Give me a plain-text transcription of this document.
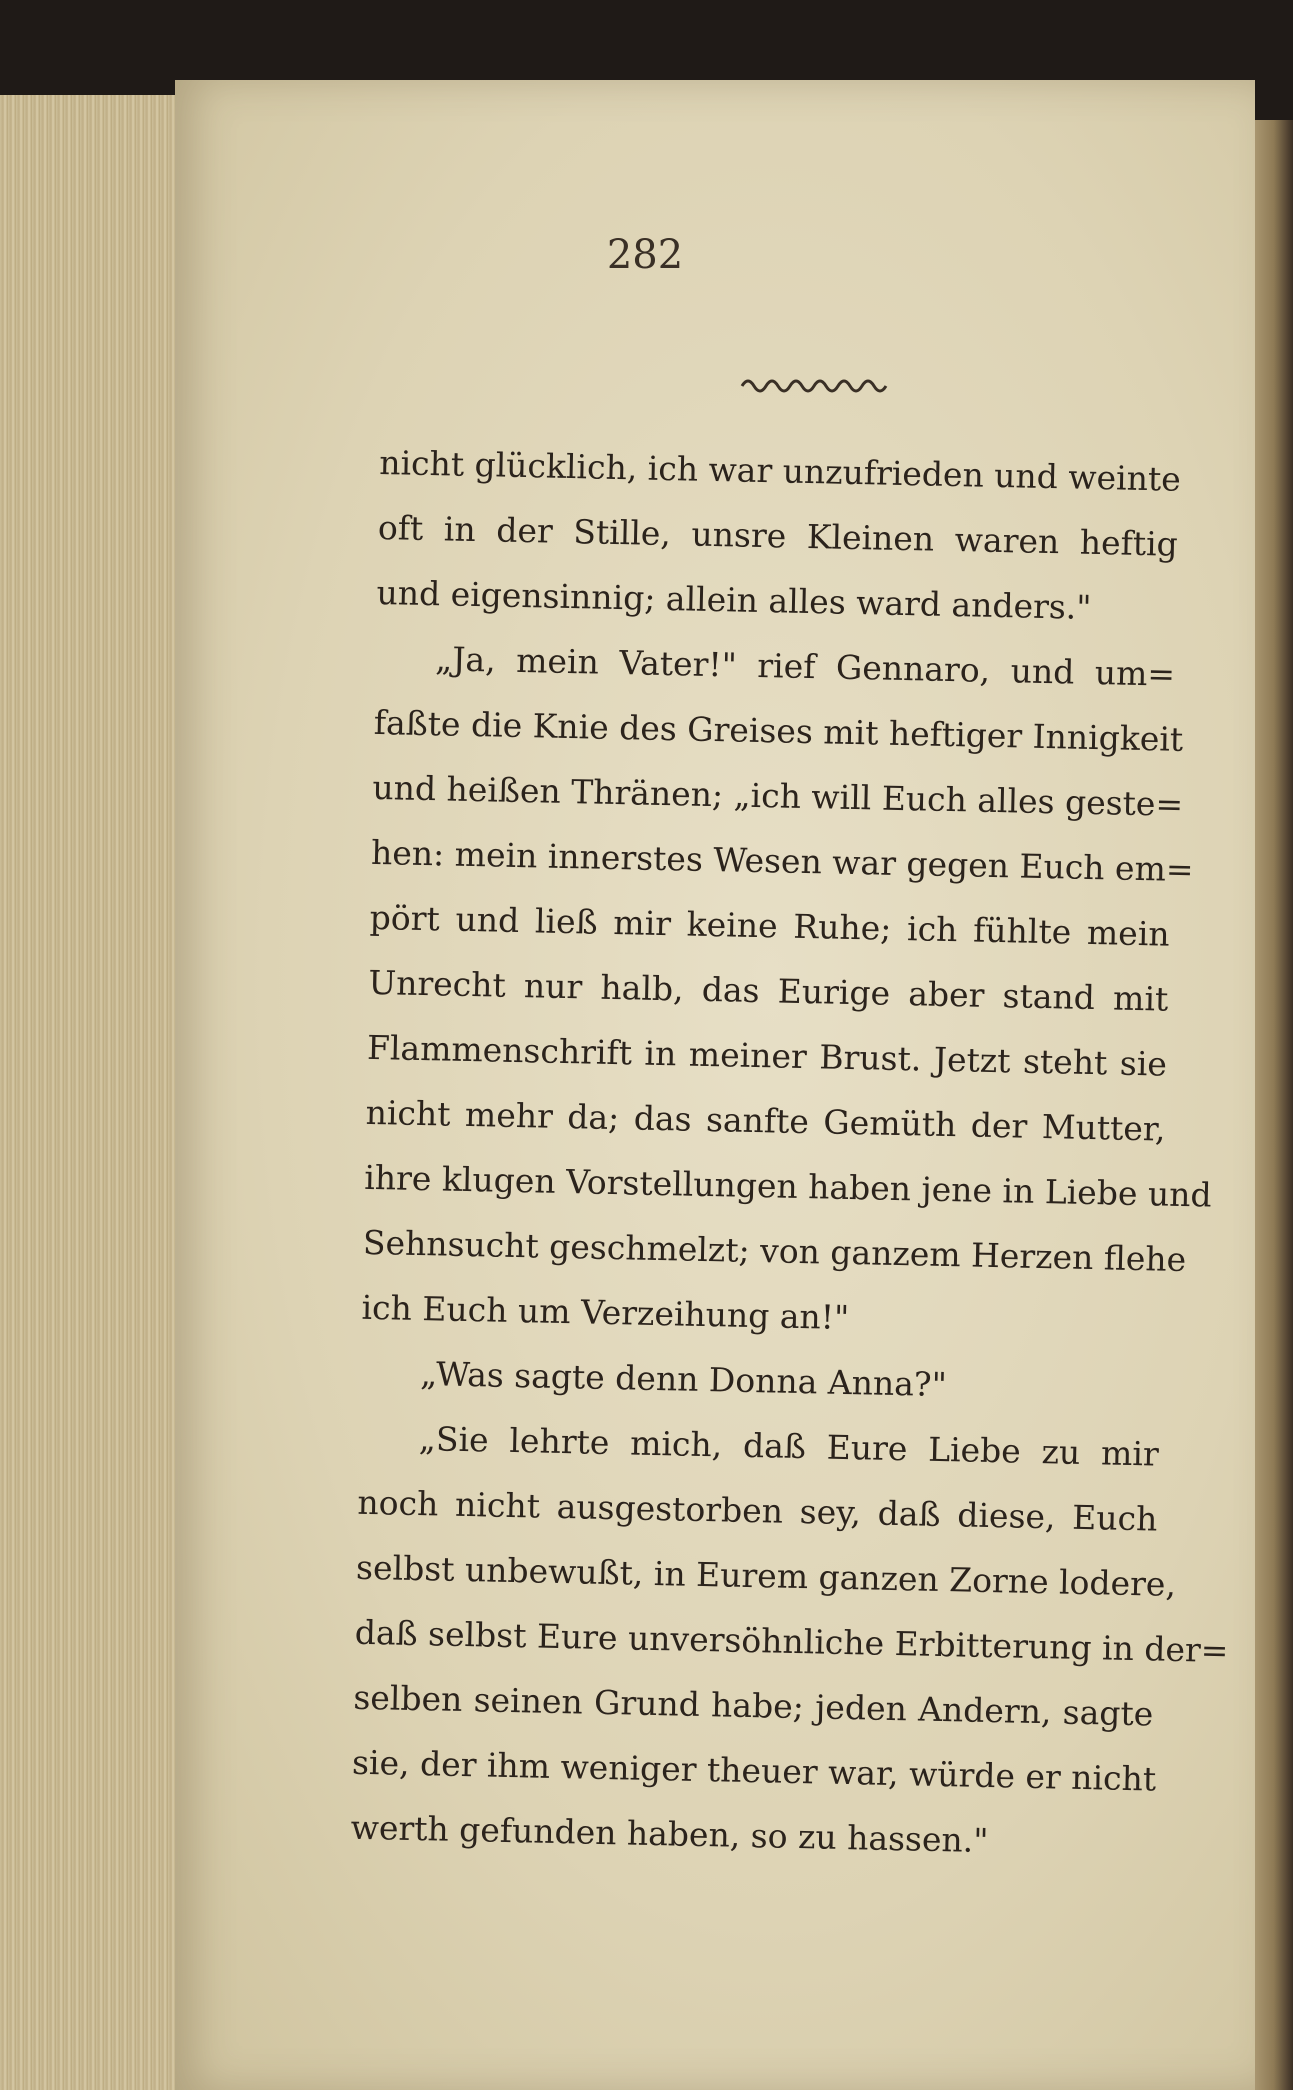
282
nicht glücklich, ich war unzufrieden und weinte
oft in der Stille, unsre Kleinen waren heftig
und eigensinnig; allein alles ward anders."
„Ja, mein Vater!" rief Gennaro, und um=
faßte die Knie des Greises mit heftiger Innigkeit
und heißen Thränen; „ich will Euch alles geste=
hen: mein innerstes Wesen war gegen Euch em=
pört und ließ mir keine Ruhe; ich fühlte mein
Unrecht nur halb, das Eurige aber stand mit
Flammenschrift in meiner Brust. Jetzt steht sie
nicht mehr da; das sanfte Gemüth der Mutter,
ihre klugen Vorstellungen haben jene in Liebe und
Sehnsucht geschmelzt; von ganzem Herzen flehe
ich Euch um Verzeihung an!"
„Was sagte denn Donna Anna?"
„Sie lehrte mich, daß Eure Liebe zu mir
noch nicht ausgestorben sey, daß diese, Euch
selbst unbewußt, in Eurem ganzen Zorne lodere,
daß selbst Eure unversöhnliche Erbitterung in der=
selben seinen Grund habe; jeden Andern, sagte
sie, der ihm weniger theuer war, würde er nicht
werth gefunden haben, so zu hassen."
